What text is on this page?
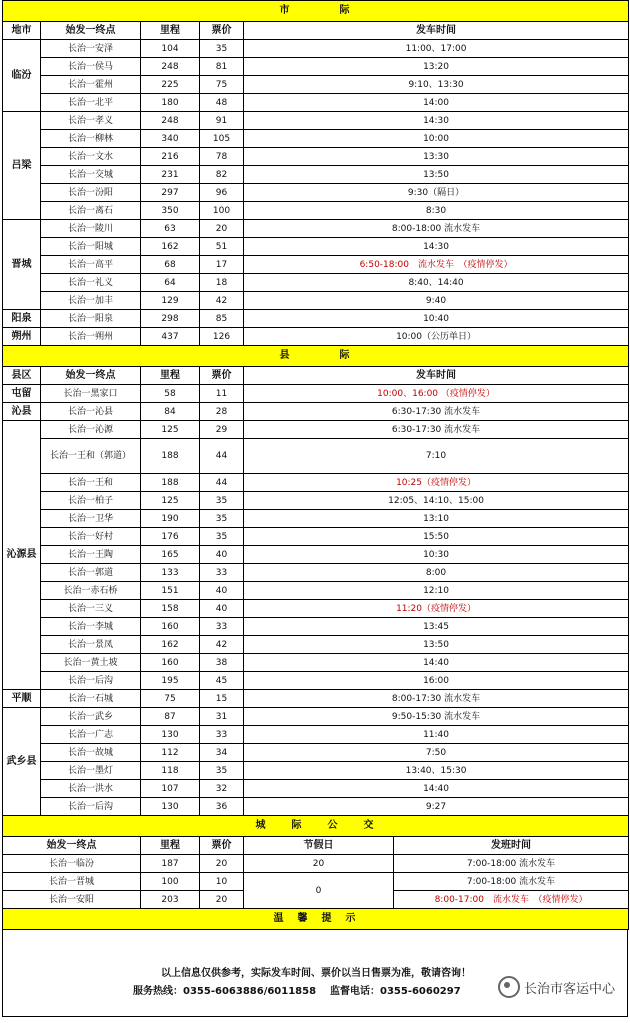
市　　　　际					
地市	始发一终点	里程	票价	发车时间	
临汾	长治一安泽	104	35	11:00、17:00	
	长治一侯马	248	81	13:20	
	长治一霍州	225	75	9:10、13:30	
	长治一北平	180	48	14:00	
吕梁	长治一孝义	248	91	14:30	
	长治一柳林	340	105	10:00	
	长治一文水	216	78	13:30	
	长治一交城	231	82	13:50	
	长治一汾阳	297	96	9:30（隔日）	
	长治一离石	350	100	8:30	
晋城	长治一陵川	63	20	8:00-18:00 流水发车	
	长治一阳城	162	51	14:30	
	长治一高平	68	17	6:50-18:00　流水发车　（疫情停发）	
	长治一礼义	64	18	8:40、14:40	
	长治一加丰	129	42	9:40	
阳泉	长治一阳泉	298	85	10:40	
朔州	长治一朔州	437	126	10:00（公历单日）	
县　　　　际					
县区	始发一终点	里程	票价	发车时间	
屯留	长治一黑家口	58	11	10:00、16:00 （疫情停发）	
沁县	长治一沁县	84	28	6:30-17:30 流水发车	
沁源县	长治一沁源	125	29	6:30-17:30 流水发车	
	长治一王和（郭道）	188	44	7:10	
	长治一王和	188	44	10:25（疫情停发）	
	长治一柏子	125	35	12:05、14:10、15:00	
	长治一卫华	190	35	13:10	
	长治一好村	176	35	15:50	
	长治一王陶	165	40	10:30	
	长治一郭道	133	33	8:00	
	长治一赤石桥	151	40	12:10	
	长治一三义	158	40	11:20（疫情停发）	
	长治一李城	160	33	13:45	
	长治一景凤	162	42	13:50	
	长治一黄土坡	160	38	14:40	
	长治一后沟	195	45	16:00	
平顺	长治一石城	75	15	8:00-17:30 流水发车	
武乡县	长治一武乡	87	31	9:50-15:30 流水发车	
	长治一广志	130	33	11:40	
	长治一故城	112	34	7:50	
	长治一墨灯	118	35	13:40、15:30	
	长治一洪水	107	32	14:40	
	长治一后沟	130	36	9:27	
城　　际　　公　　交					
始发一终点		里程	票价	节假日	发班时间
长治一临汾		187	20	20	7:00-18:00 流水发车
长治一晋城		100	10	0	7:00-18:00 流水发车
长治一安阳		203	20		8:00-17:00　流水发车　（疫情停发）
温　馨　提　示					
以上信息仅供参考，实际发车时间、票价以当日售票为准，敬请咨询！
服务热线：0355-6063886/6011858 监督电话：0355-6060297	长治市客运中心
